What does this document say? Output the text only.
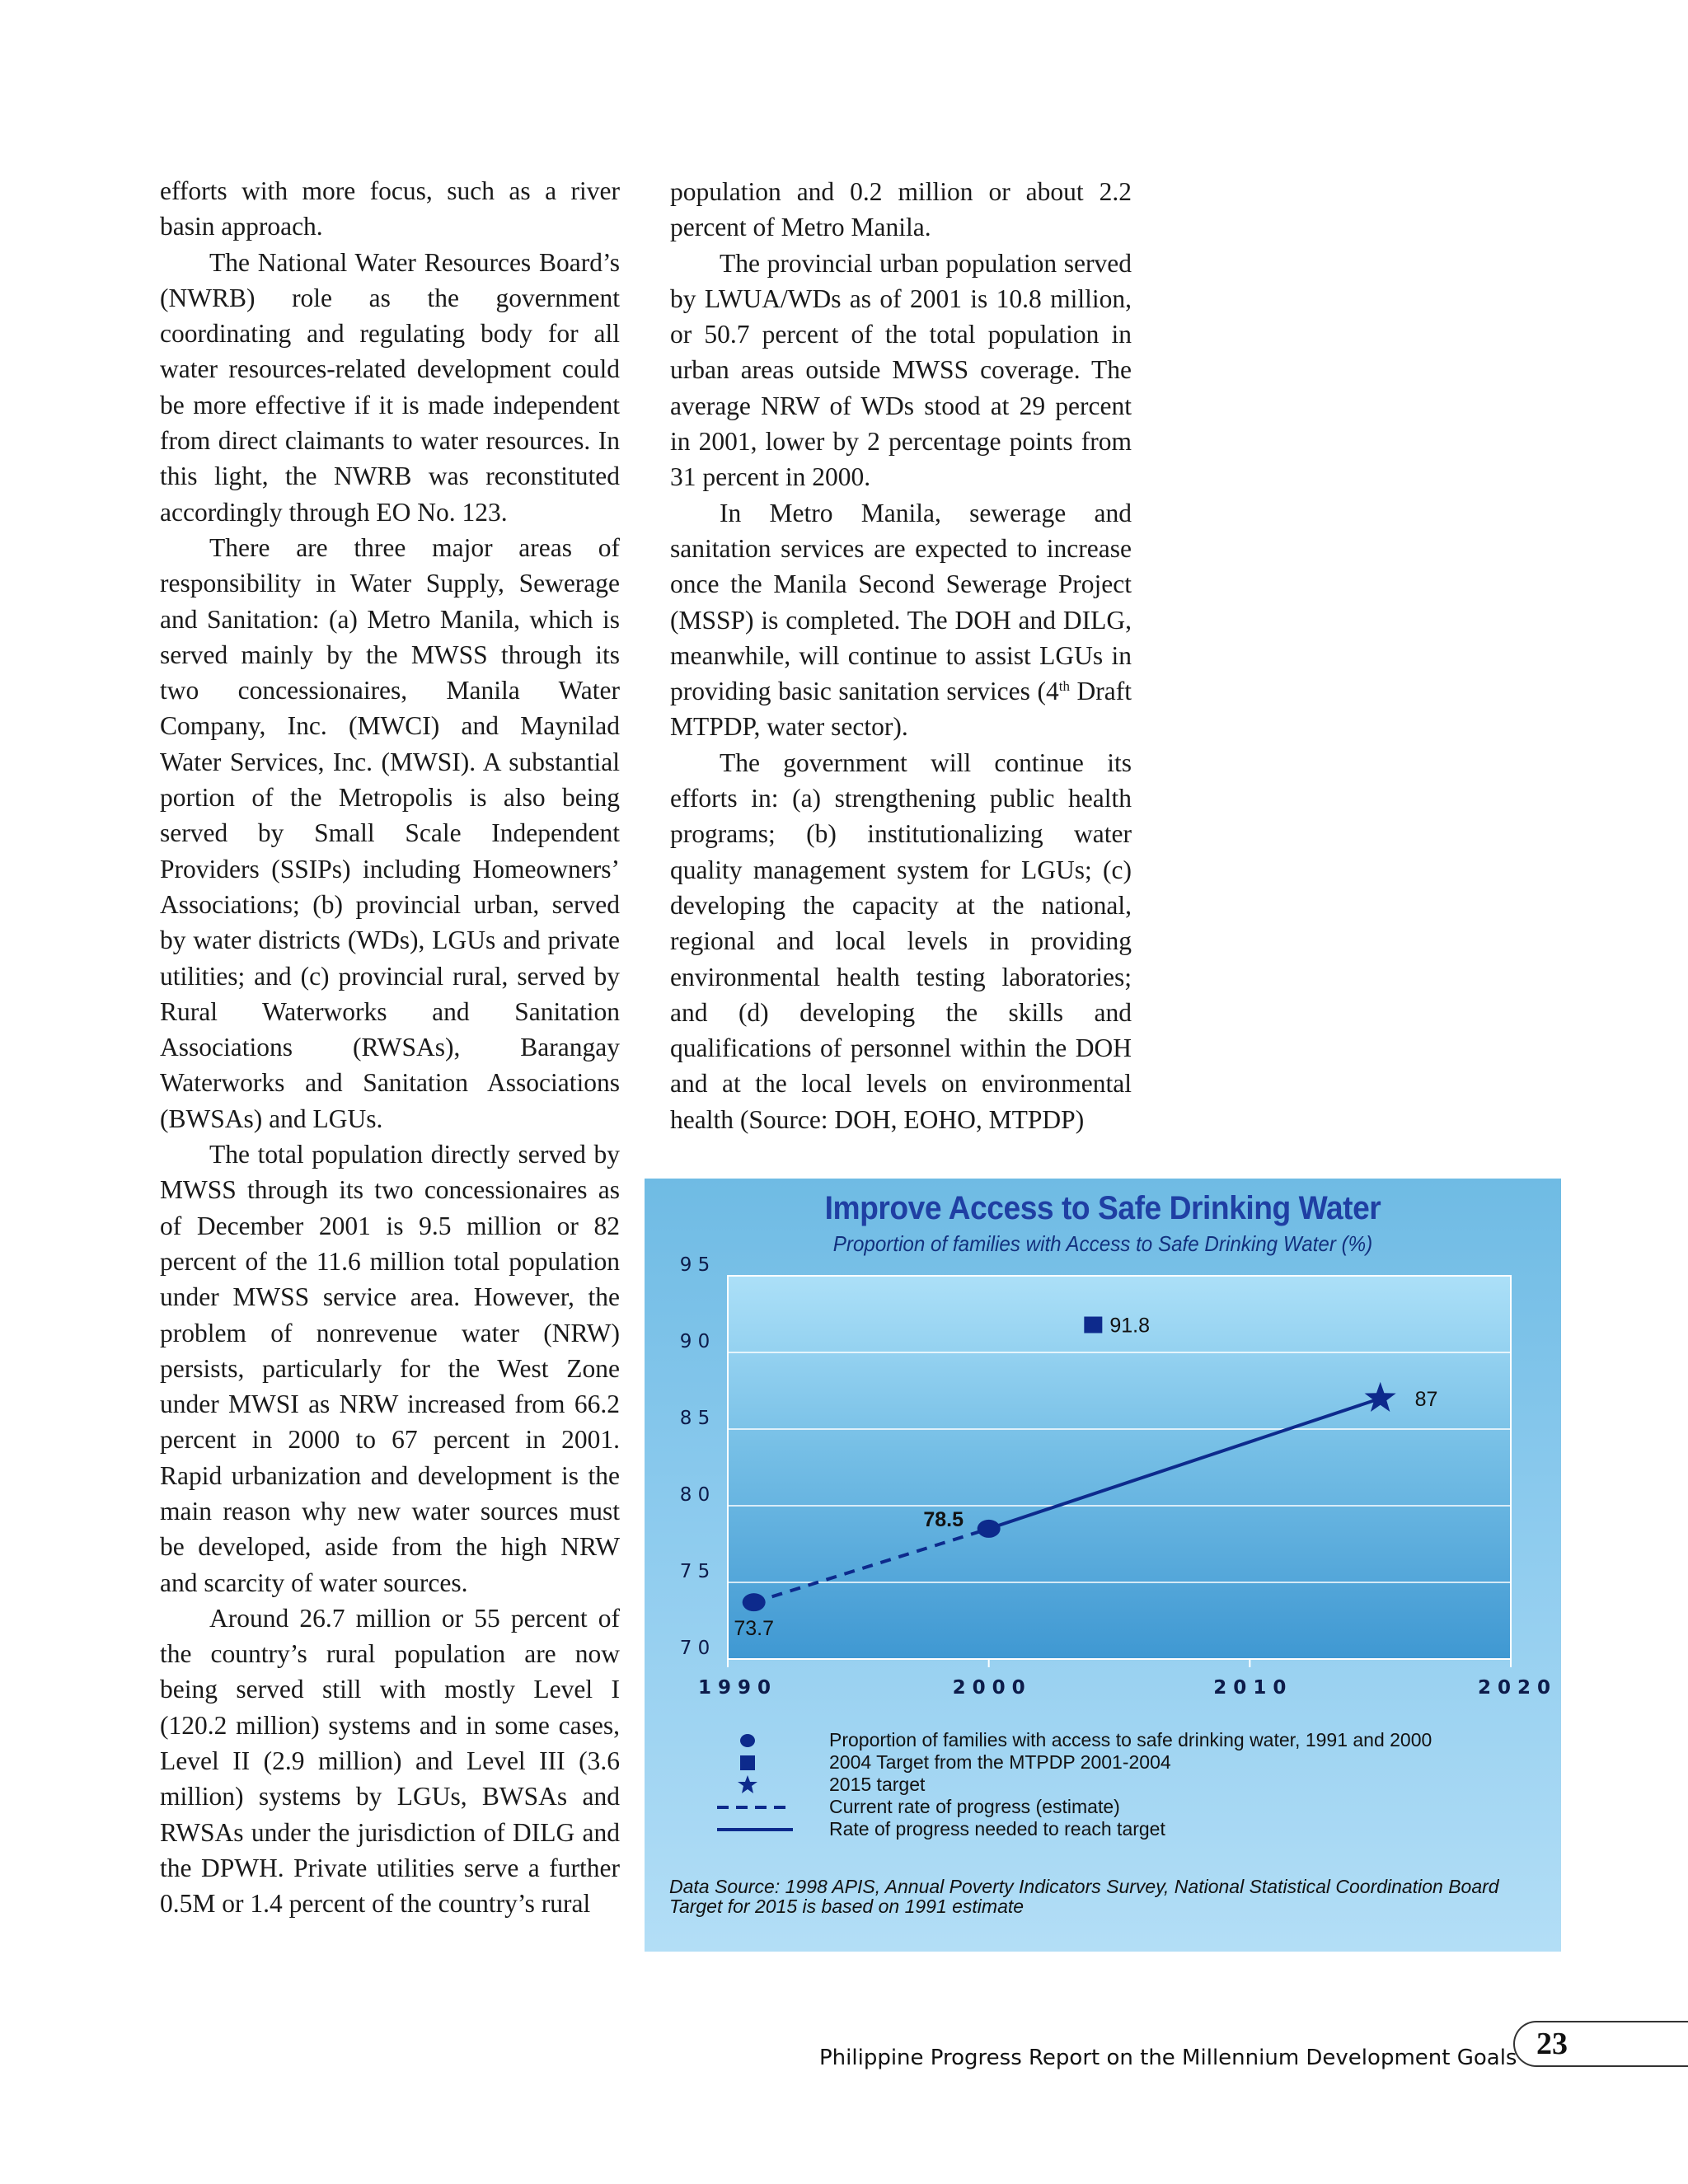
efforts with more focus, such as a river basin approach.

The National Water Resources Board’s (NWRB) role as the government coordinating and regulating body for all water resources-related development could be more effective if it is made independent from direct claimants to water resources. In this light, the NWRB was reconstituted accordingly through EO No. 123.

There are three major areas of responsibility in Water Supply, Sewerage and Sanitation: (a) Metro Manila, which is served mainly by the MWSS through its two concessionaires, Manila Water Company, Inc. (MWCI) and Maynilad Water Services, Inc. (MWSI). A substantial portion of the Metropolis is also being served by Small Scale Independent Providers (SSIPs) including Homeowners’ Associations; (b) provincial urban, served by water districts (WDs), LGUs and private utilities; and (c) provincial rural, served by Rural Waterworks and Sanitation Associations (RWSAs), Barangay Waterworks and Sanitation Associations (BWSAs) and LGUs.

The total population directly served by MWSS through its two concessionaires as of December 2001 is 9.5 million or 82 percent of the 11.6 million total population under MWSS service area. However, the problem of nonrevenue water (NRW) persists, particularly for the West Zone under MWSI as NRW increased from 66.2 percent in 2000 to 67 percent in 2001. Rapid urbanization and development is the main reason why new water sources must be developed, aside from the high NRW and scarcity of water sources.

Around 26.7 million or 55 percent of the country’s rural population are now being served still with mostly Level I (120.2 million) systems and in some cases, Level II (2.9 million) and Level III (3.6 million) systems by LGUs, BWSAs and RWSAs under the jurisdiction of DILG and the DPWH. Private utilities serve a further 0.5M or 1.4 percent of the country’s rural

population and 0.2 million or about 2.2 percent of Metro Manila.

The provincial urban population served by LWUA/WDs as of 2001 is 10.8 million, or 50.7 percent of the total population in urban areas outside MWSS coverage. The average NRW of WDs stood at 29 percent in 2001, lower by 2 percentage points from 31 percent in 2000.

In Metro Manila, sewerage and sanitation services are expected to increase once the Manila Second Sewerage Project (MSSP) is completed. The DOH and DILG, meanwhile, will continue to assist LGUs in providing basic sanitation services (4th Draft MTPDP, water sector).

The government will continue its efforts in: (a) strengthening public health programs; (b) institutionalizing water quality management system for LGUs; (c) developing the capacity at the national, regional and local levels in providing environmental health testing laboratories; and (d) developing the skills and qualifications of personnel within the DOH and at the local levels on environmental health (Source: DOH, EOHO, MTPDP)

7 0
7 5
8 0
8 5
9 0
9 5
1 9 9 0	2 0 0 0	2 0 1 0	2 0 2 0
73.7
78.5
91.8
87
Improve Access to Safe Drinking Water
Proportion of families with Access to Safe Drinking Water (%)
Proportion of families with access to safe drinking water, 1991 and 2000
2004 Target from the MTPDP 2001-2004
2015 target
Current rate of progress (estimate)
Rate of progress needed to reach target
Data Source: 1998 APIS, Annual Poverty Indicators Survey, National Statistical Coordination Board
Target for 2015 is based on 1991 estimate
Philippine Progress Report on the Millennium Development Goals 23
